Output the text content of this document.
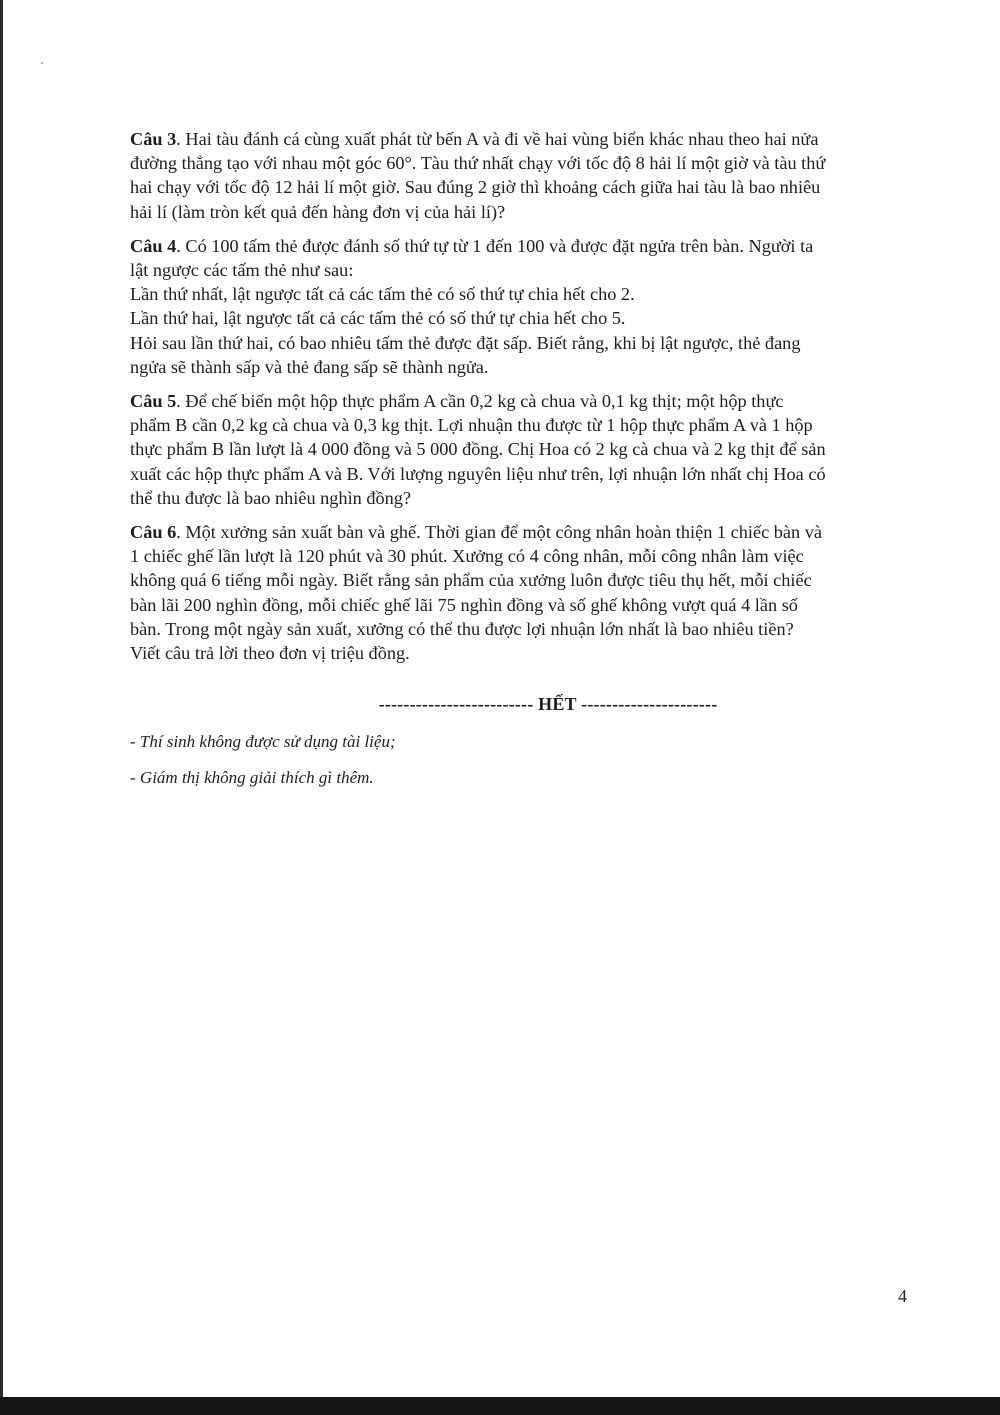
Câu 3. Hai tàu đánh cá cùng xuất phát từ bến A và đi về hai vùng biển khác nhau theo hai nửa
đường thẳng tạo với nhau một góc 60°. Tàu thứ nhất chạy với tốc độ 8 hải lí một giờ và tàu thứ
hai chạy với tốc độ 12 hải lí một giờ. Sau đúng 2 giờ thì khoảng cách giữa hai tàu là bao nhiêu
hải lí (làm tròn kết quả đến hàng đơn vị của hải lí)?
Câu 4. Có 100 tấm thẻ được đánh số thứ tự từ 1 đến 100 và được đặt ngửa trên bàn. Người ta
lật ngược các tấm thẻ như sau:
Lần thứ nhất, lật ngược tất cả các tấm thẻ có số thứ tự chia hết cho 2.
Lần thứ hai, lật ngược tất cả các tấm thẻ có số thứ tự chia hết cho 5.
Hỏi sau lần thứ hai, có bao nhiêu tấm thẻ được đặt sấp. Biết rằng, khi bị lật ngược, thẻ đang
ngửa sẽ thành sấp và thẻ đang sấp sẽ thành ngửa.
Câu 5. Để chế biến một hộp thực phẩm A cần 0,2 kg cà chua và 0,1 kg thịt; một hộp thực
phẩm B cần 0,2 kg cà chua và 0,3 kg thịt. Lợi nhuận thu được từ 1 hộp thực phẩm A và 1 hộp
thực phẩm B lần lượt là 4 000 đồng và 5 000 đồng. Chị Hoa có 2 kg cà chua và 2 kg thịt để sản
xuất các hộp thực phẩm A và B. Với lượng nguyên liệu như trên, lợi nhuận lớn nhất chị Hoa có
thể thu được là bao nhiêu nghìn đồng?
Câu 6. Một xưởng sản xuất bàn và ghế. Thời gian để một công nhân hoàn thiện 1 chiếc bàn và
1 chiếc ghế lần lượt là 120 phút và 30 phút. Xưởng có 4 công nhân, mỗi công nhân làm việc
không quá 6 tiếng mỗi ngày. Biết rằng sản phẩm của xưởng luôn được tiêu thụ hết, mỗi chiếc
bàn lãi 200 nghìn đồng, mỗi chiếc ghế lãi 75 nghìn đồng và số ghế không vượt quá 4 lần số
bàn. Trong một ngày sản xuất, xưởng có thể thu được lợi nhuận lớn nhất là bao nhiêu tiền?
Viết câu trả lời theo đơn vị triệu đồng.
------------------------- HẾT ----------------------
- Thí sinh không được sử dụng tài liệu;
- Giám thị không giải thích gì thêm.
4
